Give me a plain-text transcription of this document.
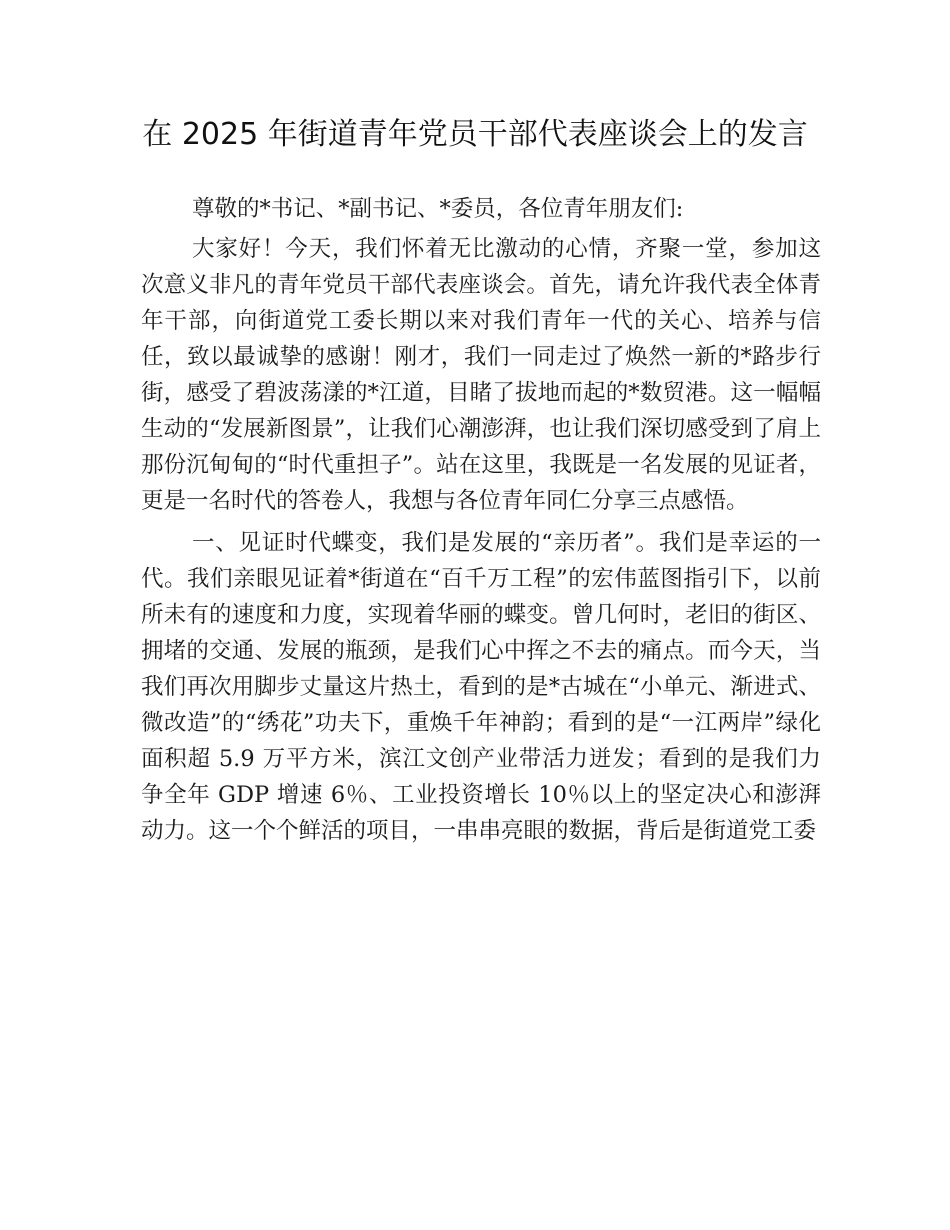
在 2025 年街道青年党员干部代表座谈会上的发言

尊敬的*书记、*副书记、*委员，各位青年朋友们:

大家好！今天，我们怀着无比激动的心情，齐聚一堂，参加这次意义非凡的青年党员干部代表座谈会。首先，请允许我代表全体青年干部，向街道党工委长期以来对我们青年一代的关心、培养与信任，致以最诚挚的感谢！刚才，我们一同走过了焕然一新的*路步行街，感受了碧波荡漾的*江道，目睹了拔地而起的*数贸港。这一幅幅生动的“发展新图景”，让我们心潮澎湃，也让我们深切感受到了肩上那份沉甸甸的“时代重担子”。站在这里，我既是一名发展的见证者，更是一名时代的答卷人，我想与各位青年同仁分享三点感悟。

一、见证时代蝶变，我们是发展的“亲历者”。我们是幸运的一代。我们亲眼见证着*街道在“百千万工程”的宏伟蓝图指引下，以前所未有的速度和力度，实现着华丽的蝶变。曾几何时，老旧的街区、拥堵的交通、发展的瓶颈，是我们心中挥之不去的痛点。而今天，当我们再次用脚步丈量这片热土，看到的是*古城在“小单元、渐进式、微改造”的“绣花”功夫下，重焕千年神韵；看到的是“一江两岸”绿化面积超 5.9 万平方米，滨江文创产业带活力迸发；看到的是我们力争全年 GDP 增速 6％、工业投资增长 10％以上的坚定决心和澎湃动力。这一个个鲜活的项目，一串串亮眼的数据，背后是街道党工委
